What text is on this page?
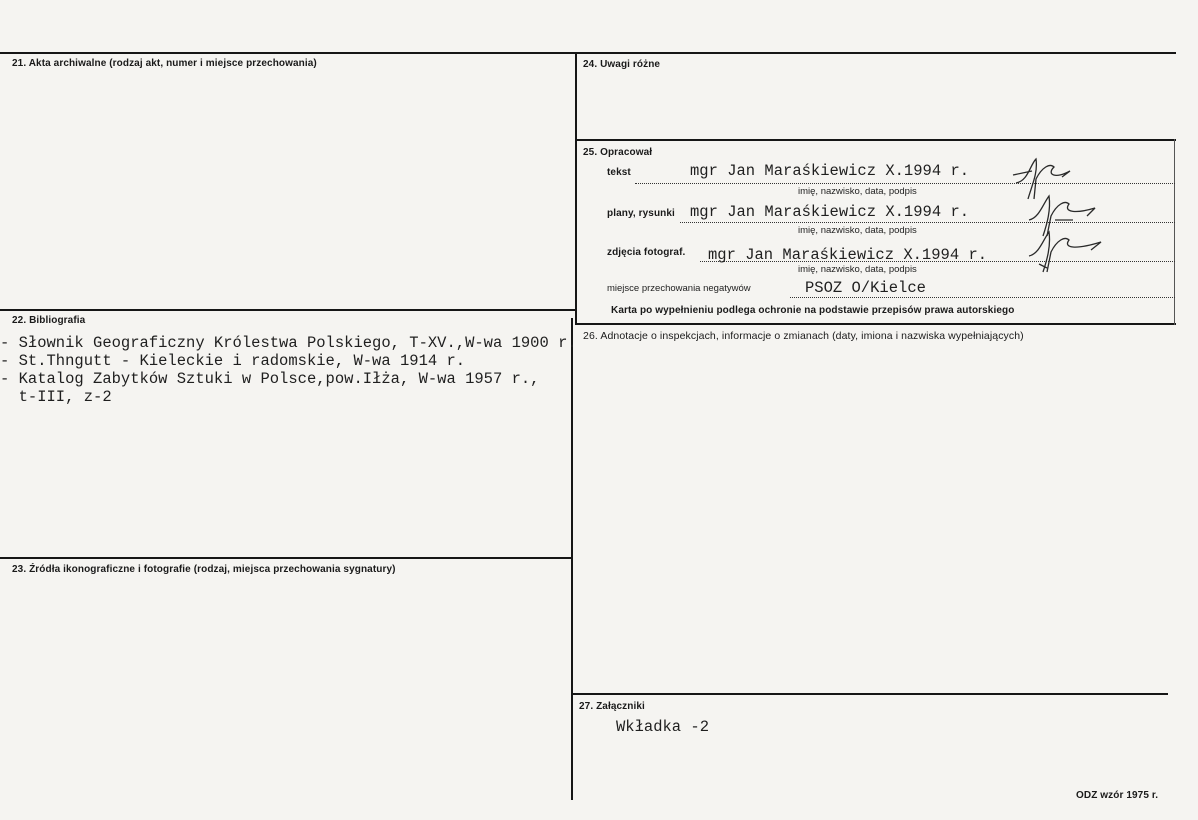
21. Akta archiwalne (rodzaj akt, numer i miejsce przechowania)
22. Bibliografia
- Słownik Geograficzny Królestwa Polskiego, T-XV.,W-wa 1900 r.
- St.Thngutt - Kieleckie i radomskie, W-wa 1914 r.
- Katalog Zabytków Sztuki w Polsce,pow.Iłża, W-wa 1957 r.,
t-III, z-2
23. Źródła ikonograficzne i fotografie (rodzaj, miejsca przechowania sygnatury)
24. Uwagi różne
25. Opracował
tekst	mgr Jan Maraśkiewicz X.1994 r.
imię, nazwisko, data, podpis
plany, rysunki mgr Jan Maraśkiewicz X.1994 r.
imię, nazwisko, data, podpis
zdjęcia fotograf. mgr Jan Maraśkiewicz X.1994 r.
imię, nazwisko, data, podpis
miejsce przechowania negatywów	PSOZ O/Kielce
Karta po wypełnieniu podlega ochronie na podstawie przepisów prawa autorskiego
26. Adnotacje o inspekcjach, informacje o zmianach (daty, imiona i nazwiska wypełniających)
27. Załączniki
Wkładka -2
ODZ wzór 1975 r.
